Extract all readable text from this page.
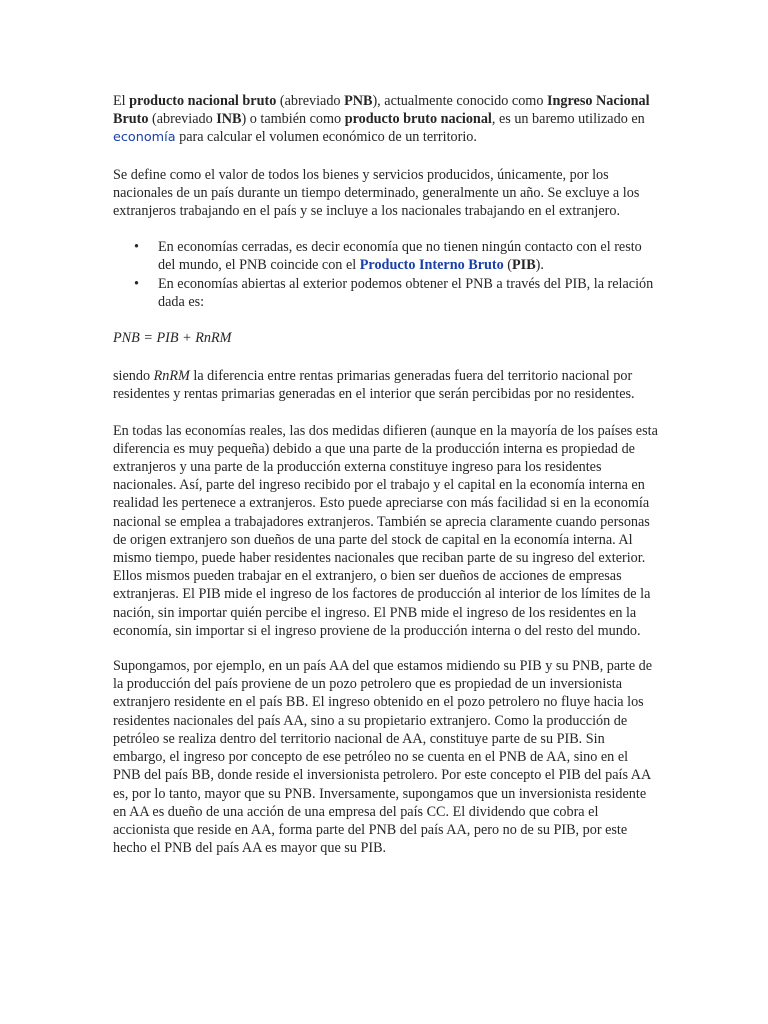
El producto nacional bruto (abreviado PNB), actualmente conocido como Ingreso Nacional Bruto (abreviado INB) o también como producto bruto nacional, es un baremo utilizado en economía para calcular el volumen económico de un territorio.

Se define como el valor de todos los bienes y servicios producidos, únicamente, por los nacionales de un país durante un tiempo determinado, generalmente un año. Se excluye a los extranjeros trabajando en el país y se incluye a los nacionales trabajando en el extranjero.

• En economías cerradas, es decir economía que no tienen ningún contacto con el resto del mundo, el PNB coincide con el Producto Interno Bruto (PIB).
• En economías abiertas al exterior podemos obtener el PNB a través del PIB, la relación dada es:

PNB = PIB + RnRM

siendo RnRM la diferencia entre rentas primarias generadas fuera del territorio nacional por residentes y rentas primarias generadas en el interior que serán percibidas por no residentes.

En todas las economías reales, las dos medidas difieren (aunque en la mayoría de los países esta diferencia es muy pequeña) debido a que una parte de la producción interna es propiedad de extranjeros y una parte de la producción externa constituye ingreso para los residentes nacionales. Así, parte del ingreso recibido por el trabajo y el capital en la economía interna en realidad les pertenece a extranjeros. Esto puede apreciarse con más facilidad si en la economía nacional se emplea a trabajadores extranjeros. También se aprecia claramente cuando personas de origen extranjero son dueños de una parte del stock de capital en la economía interna. Al mismo tiempo, puede haber residentes nacionales que reciban parte de su ingreso del exterior. Ellos mismos pueden trabajar en el extranjero, o bien ser dueños de acciones de empresas extranjeras. El PIB mide el ingreso de los factores de producción al interior de los límites de la nación, sin importar quién percibe el ingreso. El PNB mide el ingreso de los residentes en la economía, sin importar si el ingreso proviene de la producción interna o del resto del mundo.

Supongamos, por ejemplo, en un país AA del que estamos midiendo su PIB y su PNB, parte de la producción del país proviene de un pozo petrolero que es propiedad de un inversionista extranjero residente en el país BB. El ingreso obtenido en el pozo petrolero no fluye hacia los residentes nacionales del país AA, sino a su propietario extranjero. Como la producción de petróleo se realiza dentro del territorio nacional de AA, constituye parte de su PIB. Sin embargo, el ingreso por concepto de ese petróleo no se cuenta en el PNB de AA, sino en el PNB del país BB, donde reside el inversionista petrolero. Por este concepto el PIB del país AA es, por lo tanto, mayor que su PNB. Inversamente, supongamos que un inversionista residente en AA es dueño de una acción de una empresa del país CC. El dividendo que cobra el accionista que reside en AA, forma parte del PNB del país AA, pero no de su PIB, por este hecho el PNB del país AA es mayor que su PIB.
